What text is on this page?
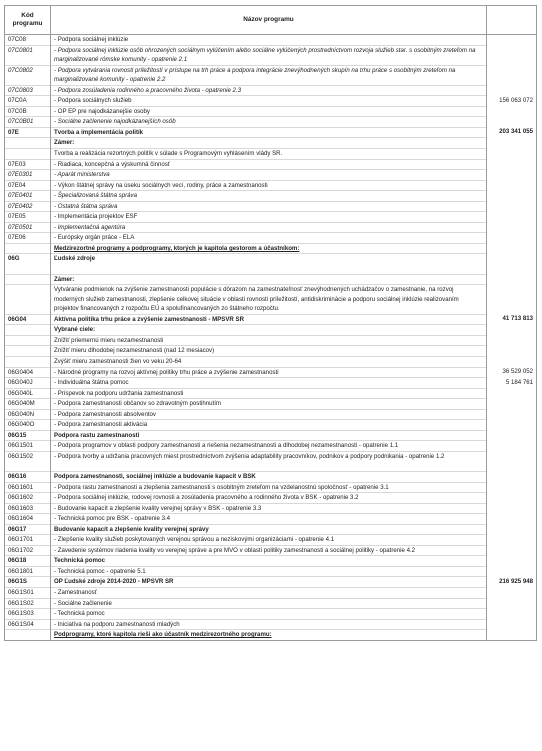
Kód programu	Názov programu	
07C08	- Podpora sociálnej inklúzie	
07C0801	- Podpora sociálnej inklúzie osôb ohrozených sociálnym vylúčením alebo sociálne vylúčených prostredníctvom rozvoja služieb star. s osobitným zreteľom na marginalizované rómske komunity - opatrenie 2.1	
07C0802	- Podpora vytvárania rovnosti príležitostí v prístupe na trh práce a podpora integrácie znevýhodnených skupín na trhu práce s osobitným zreteľom na marginalizované komunity - opatrenie 2.2	
07C0803	- Podpora zosúladenia rodinného a pracovného života - opatrenie 2.3	
07C0A	- Podpora sociálnych služieb	156 063 072
07C0B	- OP EP pre najodkázanejšie osoby	
07C0B01	- Sociálne začlenenie najodkázanejších osôb	
07E	Tvorba a implementácia politík	203 341 055
	Zámer:	
	Tvorba a realizácia rezortných politík v súlade s Programovým vyhlásením vlády SR.	
07E03	- Riadiaca, koncepčná a výskumná činnosť	
07E0301	- Aparát ministerstva	
07E04	- Výkon štátnej správy na úseku sociálnych vecí, rodiny, práce a zamestnanosti	
07E0401	- Špecializovaná štátna správa	
07E0402	- Ostatná štátna správa	
07E05	- Implementácia projektov ESF	
07E0501	- Implementačná agentúra	
07E06	- Európsky orgán práce - ELA	
	Medzirezortné programy a podprogramy, ktorých je kapitola gestorom a účastníkom:	
06G	Ľudské zdroje	
	Zámer:	
	Vytváranie podmienok na zvýšenie zamestnanosti populácie s dôrazom na zamestnateľnosť znevýhodnených uchádzačov o zamestnanie, na rozvoj moderných služieb zamestnanosti, zlepšenie celkovej situácie v oblasti rovnosti príležitostí, antidiskriminácie a podporu sociálnej inklúzie realizovaním projektov financovaných z rozpočtu EÚ a spolufinancovaných zo štátneho rozpočtu.	
06G04	Aktívna politika trhu práce a zvýšenie zamestnanosti - MPSVR SR	41 713 813
	Vybrané ciele:	
	Znížiť priemernú mieru nezamestnanosti	
	Znížiť mieru dlhodobej nezamestnanosti (nad 12 mesiacov)	
	Zvýšiť mieru zamestnanosti žien vo veku 20-64	
06G0404	- Národné programy na rozvoj aktívnej politiky trhu práce a zvýšenie zamestnanosti	36 529 052
06G040J	- Individuálna štátna pomoc	5 184 761
06G040L	- Príspevok na podporu udržania zamestnanosti	
06G040M	- Podpora zamestnanosti občanov so zdravotným postihnutím	
06G040N	- Podpora zamestnanosti absolventov	
06G040O	- Podpora zamestnanosti aktivácia	
06G15	Podpora rastu zamestnanosti	
06G1501	- Podpora programov v oblasti podpory zamestnanosti a riešenia nezamestnanosti a dlhodobej nezamestnanosti - opatrenie 1.1	
06G1502	- Podpora tvorby a udržania pracovných miest prostredníctvom zvýšenia adaptability pracovníkov, podnikov a podpory podnikania - opatrenie 1.2	
06G16	Podpora zamestnanosti, sociálnej inklúzie a budovanie kapacít v BSK	
06G1601	- Podpora rastu zamestnanosti a zlepšenia zamestnanosti s osobitným zreteľom na vzdelanostnú spoločnosť - opatrenie 3.1	
06G1602	- Podpora sociálnej inklúzie, rodovej rovnosti a zosúladenia pracovného a rodinného života v BSK - opatrenie 3.2	
06G1603	- Budovanie kapacít a zlepšenie kvality verejnej správy v BSK - opatrenie 3.3	
06G1604	- Technická pomoc pre BSK - opatrenie 3.4	
06G17	Budovanie kapacít a zlepšenie kvality verejnej správy	
06G1701	- Zlepšenie kvality služieb poskytovaných verejnou správou a neziskovými organizáciami - opatrenie 4.1	
06G1702	- Zavedenie systémov riadenia kvality vo verejnej správe a pre MVO v oblasti politiky zamestnanosti a sociálnej politiky - opatrenie 4.2	
06G18	Technická pomoc	
06G1801	- Technická pomoc - opatrenie 5.1	
06G1S	OP Ľudské zdroje 2014-2020 - MPSVR SR	216 925 948
06G1S01	- Zamestnanosť	
06G1S02	- Sociálne začlenenie	
06G1S03	- Technická pomoc	
06G1S04	- Iniciatíva na podporu zamestnanosti mladých	
	Podprogramy, ktoré kapitola rieši ako účastník medzirezortného programu:	
